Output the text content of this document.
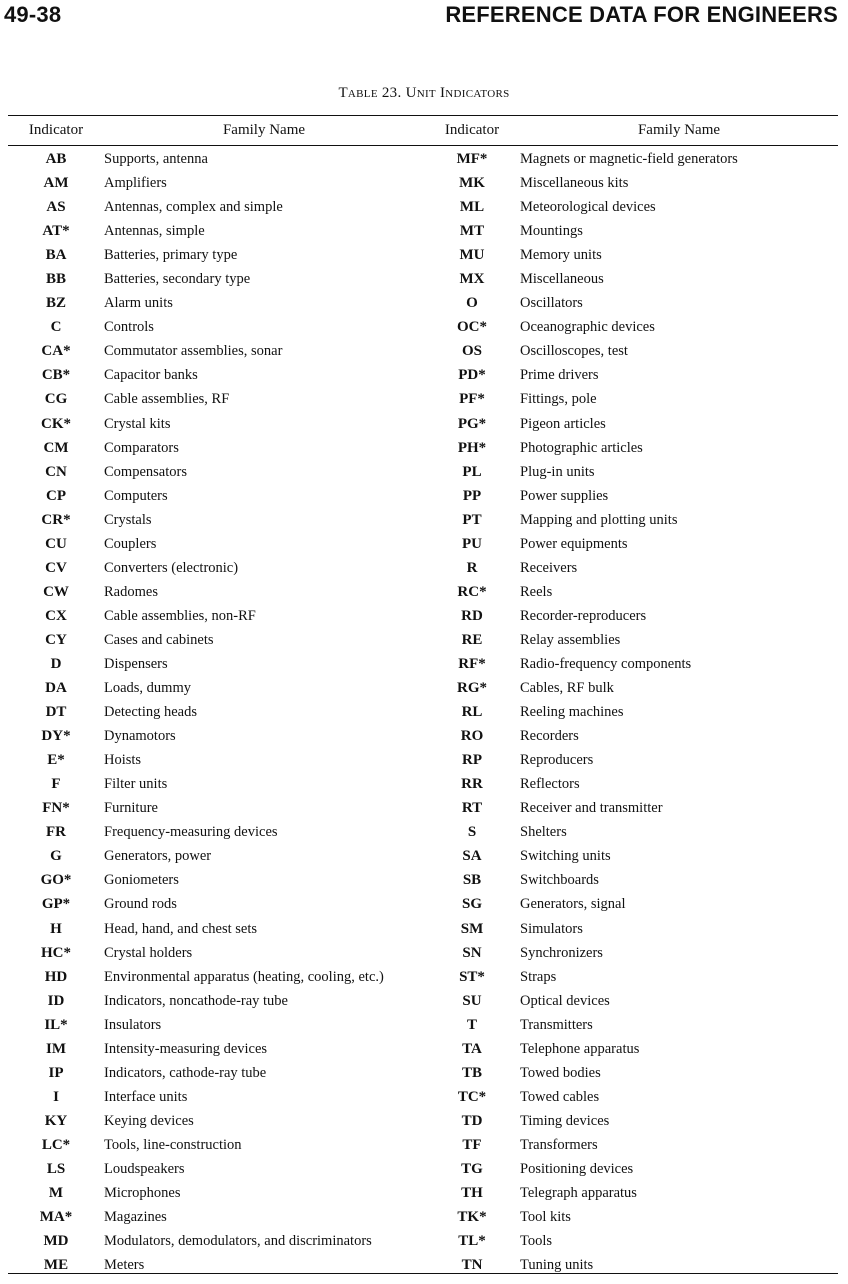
49-38	REFERENCE DATA FOR ENGINEERS
Table 23. Unit Indicators
Indicator	Family Name	Indicator	Family Name
AB	Supports, antenna	MF*	Magnets or magnetic-field generators
AM	Amplifiers	MK	Miscellaneous kits
AS	Antennas, complex and simple	ML	Meteorological devices
AT*	Antennas, simple	MT	Mountings
BA	Batteries, primary type	MU	Memory units
BB	Batteries, secondary type	MX	Miscellaneous
BZ	Alarm units	O	Oscillators
C	Controls	OC*	Oceanographic devices
CA*	Commutator assemblies, sonar	OS	Oscilloscopes, test
CB*	Capacitor banks	PD*	Prime drivers
CG	Cable assemblies, RF	PF*	Fittings, pole
CK*	Crystal kits	PG*	Pigeon articles
CM	Comparators	PH*	Photographic articles
CN	Compensators	PL	Plug-in units
CP	Computers	PP	Power supplies
CR*	Crystals	PT	Mapping and plotting units
CU	Couplers	PU	Power equipments
CV	Converters (electronic)	R	Receivers
CW	Radomes	RC*	Reels
CX	Cable assemblies, non-RF	RD	Recorder-reproducers
CY	Cases and cabinets	RE	Relay assemblies
D	Dispensers	RF*	Radio-frequency components
DA	Loads, dummy	RG*	Cables, RF bulk
DT	Detecting heads	RL	Reeling machines
DY*	Dynamotors	RO	Recorders
E*	Hoists	RP	Reproducers
F	Filter units	RR	Reflectors
FN*	Furniture	RT	Receiver and transmitter
FR	Frequency-measuring devices	S	Shelters
G	Generators, power	SA	Switching units
GO*	Goniometers	SB	Switchboards
GP*	Ground rods	SG	Generators, signal
H	Head, hand, and chest sets	SM	Simulators
HC*	Crystal holders	SN	Synchronizers
HD	Environmental apparatus (heating, cooling, etc.)	ST*	Straps
ID	Indicators, noncathode-ray tube	SU	Optical devices
IL*	Insulators	T	Transmitters
IM	Intensity-measuring devices	TA	Telephone apparatus
IP	Indicators, cathode-ray tube	TB	Towed bodies
I	Interface units	TC*	Towed cables
KY	Keying devices	TD	Timing devices
LC*	Tools, line-construction	TF	Transformers
LS	Loudspeakers	TG	Positioning devices
M	Microphones	TH	Telegraph apparatus
MA*	Magazines	TK*	Tool kits
MD	Modulators, demodulators, and discriminators	TL*	Tools
ME	Meters	TN	Tuning units
